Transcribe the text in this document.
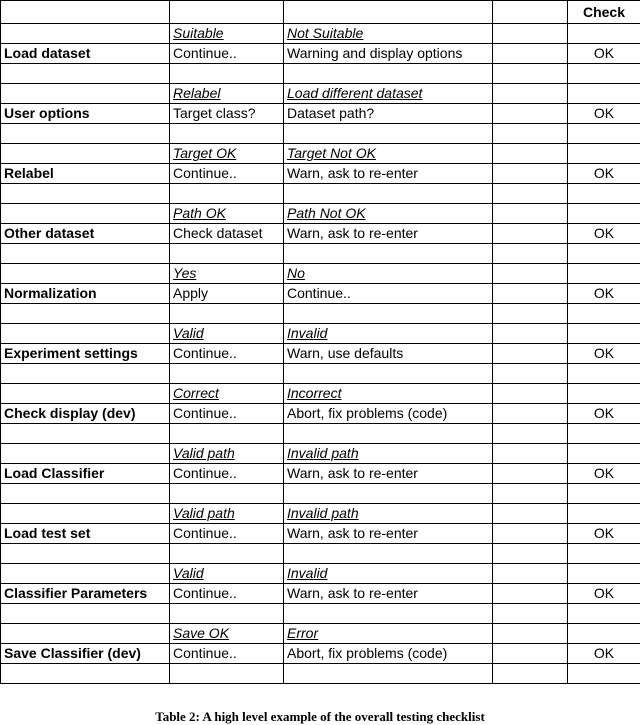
				Check
	Suitable	Not Suitable		
Load dataset	Continue..	Warning and display options		OK

	Relabel	Load different dataset		
User options	Target class?	Dataset path?		OK

	Target OK	Target Not OK		
Relabel	Continue..	Warn, ask to re-enter		OK

	Path OK	Path Not OK		
Other dataset	Check dataset	Warn, ask to re-enter		OK

	Yes	No		
Normalization	Apply	Continue..		OK

	Valid	Invalid		
Experiment settings	Continue..	Warn, use defaults		OK

	Correct	Incorrect		
Check display (dev)	Continue..	Abort, fix problems (code)		OK

	Valid path	Invalid path		
Load Classifier	Continue..	Warn, ask to re-enter		OK

	Valid path	Invalid path		
Load test set	Continue..	Warn, ask to re-enter		OK

	Valid	Invalid		
Classifier Parameters	Continue..	Warn, ask to re-enter		OK

	Save OK	Error		
Save Classifier (dev)	Continue..	Abort, fix problems (code)		OK

Table 2: A high level example of the overall testing checklist
